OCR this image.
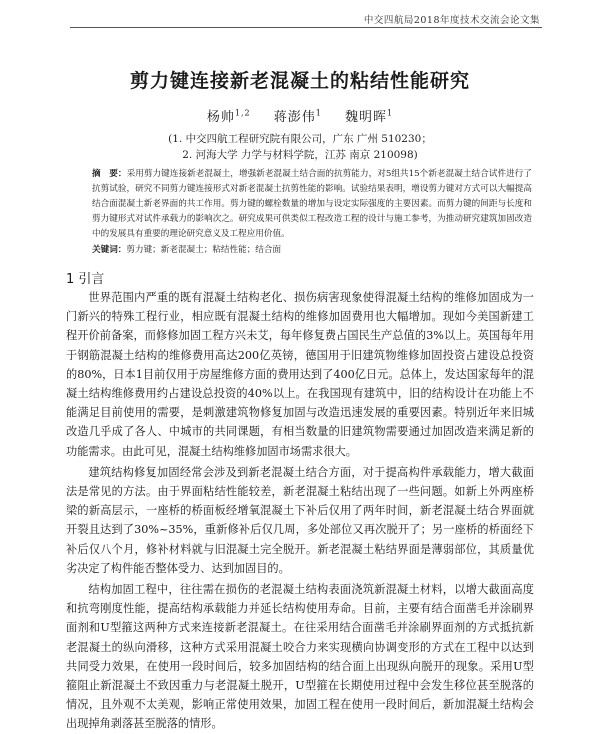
中交四航局2018年度技术交流会论文集
剪力键连接新老混凝土的粘结性能研究
杨帅$^{1,2}$ 蒋澎伟$^1$ 魏明晖$^1$
(1. 中交四航工程研究院有限公司，广东 广州 510230；
2. 河海大学 力学与材料学院，江苏 南京 210098)
摘　要：采用剪力键连接新老混凝土，增强新老混凝土结合面的抗剪能力，对5组共15个新老混凝土结合试件进行了抗剪试验，研究不同剪力键连接形式对新老混凝土抗剪性能的影响。试验结果表明，增设剪力键对方式可以大幅提高结合面混凝土新老界面的共工作用。剪力键的螺栓数量的增加与设定实际强度的主要因素。而剪力键的间距与长度和剪力键形式对试件承载力的影响次之。研究成果可供类似工程改造工程的设计与施工参考，为推动研究建筑加固改造中的发展具有重要的理论研究意义及工程应用价值。
关键词：剪力键；新老混凝土；粘结性能；结合面
1 引言

世界范围内严重的既有混凝土结构老化、损伤病害现象使得混凝土结构的维修加固成为一门新兴的特殊工程行业，相应既有混凝土结构的维修加固费用也大幅增加。现如今美国新建工程开价前备案，而修修加固工程方兴未艾，每年修复费占国民生产总值的3%以上。英国每年用于钢筋混凝土结构的维修费用高达200亿英镑，德国用于旧建筑物维修加固投资占建设总投资的80%，日本1目前仅用于房屋维修方面的费用达到了400亿日元。总体上，发达国家每年的混凝土结构维修费用约占建设总投资的40%以上。在我国现有建筑中，旧的结构设计在功能上不能满足目前使用的需要，是刺激建筑物修复加固与改造迅速发展的重要因素。特别近年来旧城改造几乎成了各人、中城市的共同课题，有相当数量的旧建筑物需要通过加固改造来满足新的功能需求。由此可见，混凝土结构维修加固市场需求很大。

建筑结构修复加固经常会涉及到新老混凝土结合方面，对于提高构件承载能力，增大截面法是常见的方法。由于界面粘结性能较差，新老混凝土粘结出现了一些问题。如新上外两座桥梁的新高层示，一座桥的桥面板经增氧混凝土下补后仅用了两年时间，新老混凝土结合界面就开裂且达到了30%~35%，重新修补后仅几周，多处部位又再次脱开了；另一座桥的桥面经下补后仅八个月，修补材料就与旧混凝土完全脱开。新老混凝土粘结界面是薄弱部位，其质量优劣决定了构件能否整体受力、达到加固目的。

结构加固工程中，往往需在损伤的老混凝土结构表面浇筑新混凝土材料，以增大截面高度和抗弯刚度性能，提高结构承载能力并延长结构使用寿命。目前，主要有结合面凿毛并涂刷界面剂和U型箍这两种方式来连接新老混凝土。在往采用结合面凿毛并涂刷界面剂的方式抵抗新老混凝土的纵向滑移，这种方式采用混凝土咬合力来实现横向协调变形的方式在工程中以达到共同受力效果，在使用一段时间后，较多加固结构的结合面上出现纵向脱开的现象。采用U型箍阻止新混凝土不致因重力与老混凝土脱开，U型箍在长期使用过程中会发生移位甚至脱落的情况，且外观不太美观，影响正常使用效果，加固工程在使用一段时间后，新加混凝土结构会出现掉角剥落甚至脱落的情形。
